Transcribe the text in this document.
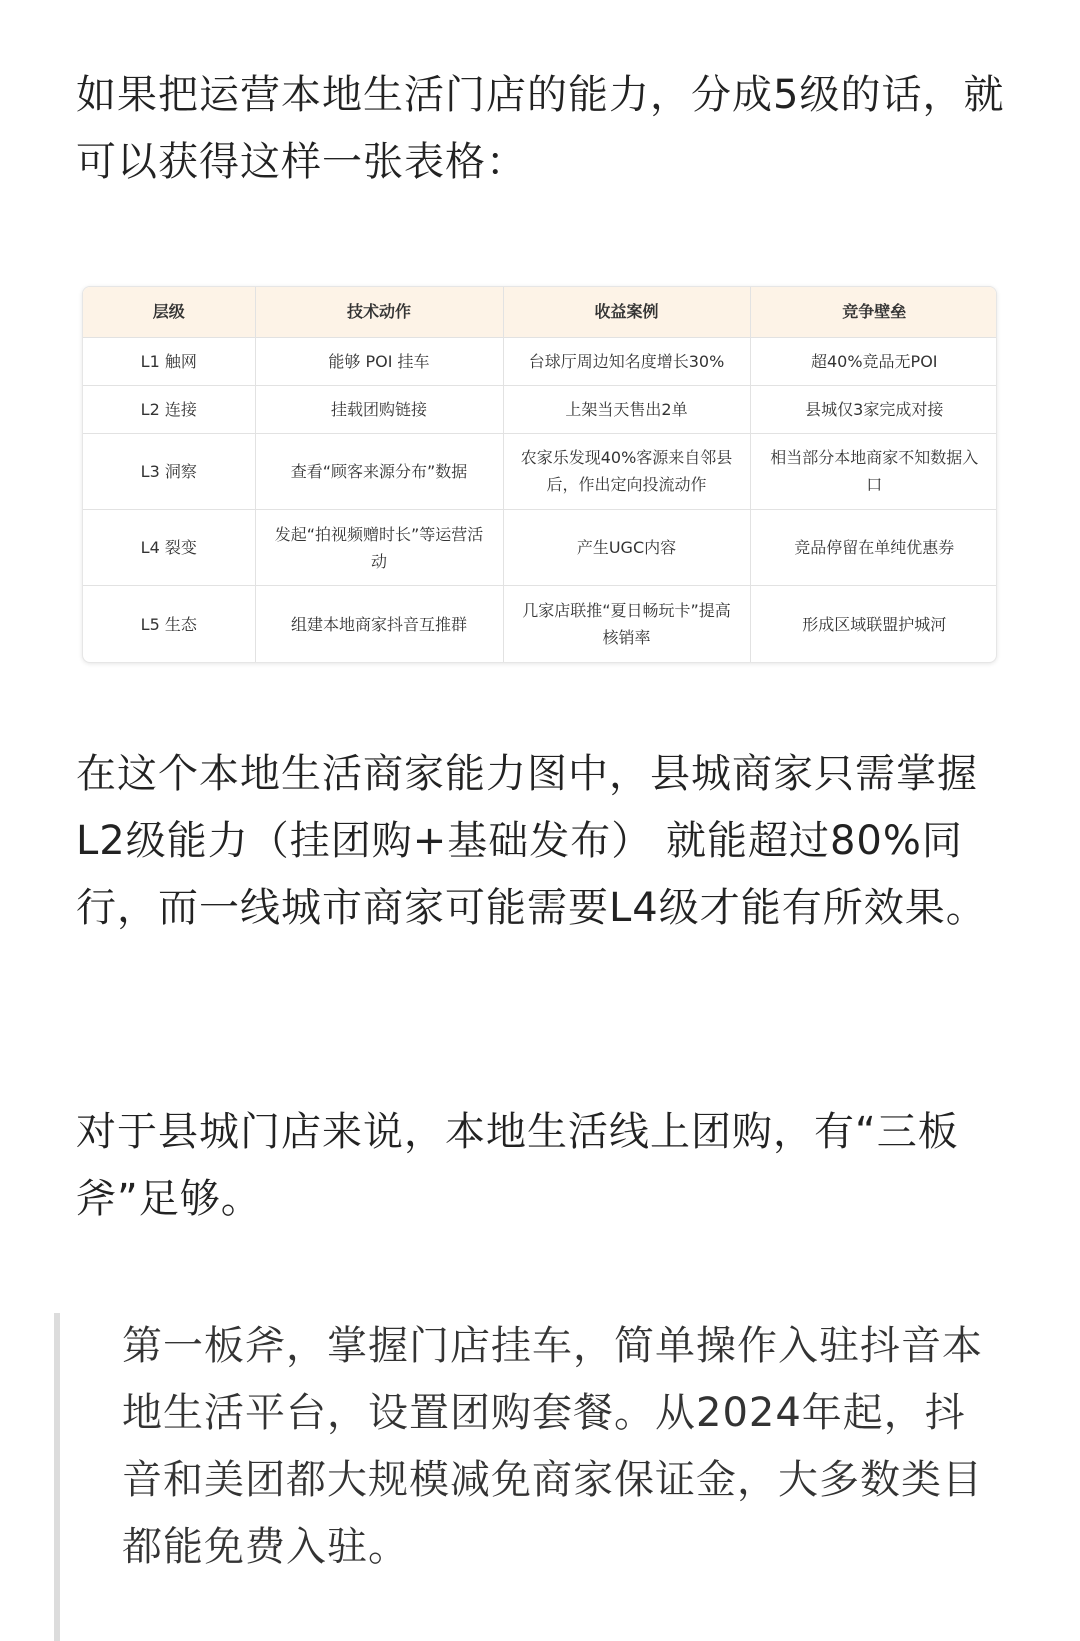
如果把运营本地生活门店的能力，分成5级的话，就可以获得这样一张表格：

层级	技术动作	收益案例	竞争壁垒
L1 触网	能够 POI 挂车	台球厅周边知名度增长30%	超40%竞品无POI
L2 连接	挂载团购链接	上架当天售出2单	县城仅3家完成对接
L3 洞察	查看“顾客来源分布”数据	农家乐发现40%客源来自邻县后，作出定向投流动作	相当部分本地商家不知数据入口
L4 裂变	发起“拍视频赠时长”等运营活动	产生UGC内容	竞品停留在单纯优惠券
L5 生态	组建本地商家抖音互推群	几家店联推“夏日畅玩卡”提高核销率	形成区域联盟护城河

在这个本地生活商家能力图中，县城商家只需掌握 L2级能力（挂团购+基础发布） 就能超过80%同行，而一线城市商家可能需要L4级才能有所效果。

对于县城门店来说，本地生活线上团购，有“三板斧”足够。

第一板斧，掌握门店挂车，简单操作入驻抖音本地生活平台，设置团购套餐。从2024年起，抖音和美团都大规模减免商家保证金，大多数类目都能免费入驻。
